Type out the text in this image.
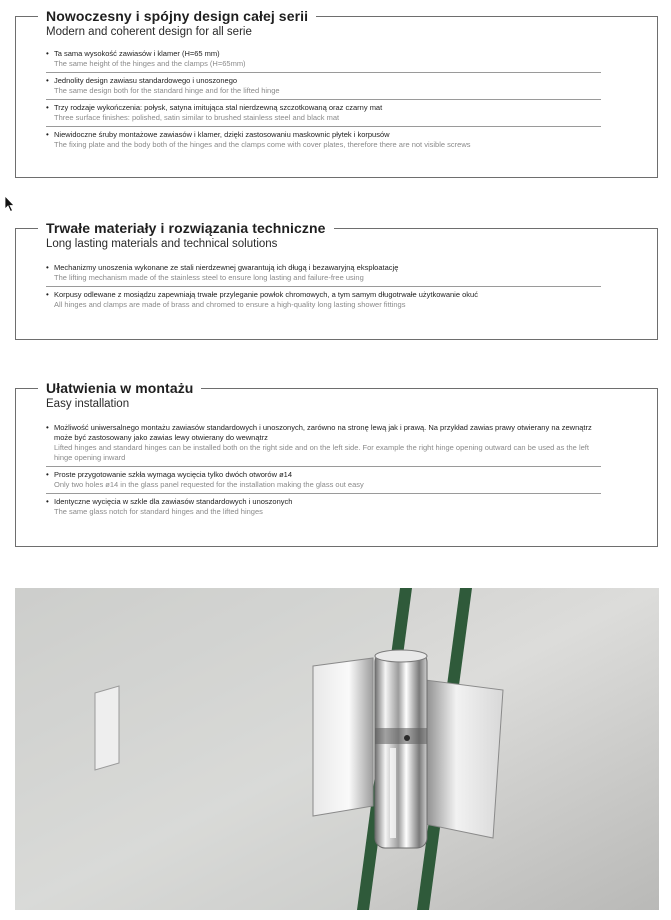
Nowoczesny i spójny design całej serii
Modern and coherent design for all serie
• Ta sama wysokość zawiasów i klamer (H=65 mm)
The same height of the hinges and the clamps (H=65mm)
• Jednolity design zawiasu standardowego i unoszonego
The same design both for the standard hinge and for the lifted hinge
• Trzy rodzaje wykończenia: połysk, satyna imitująca stal nierdzewną szczotkowaną oraz czarny mat
Three surface finishes: polished, satin similar to brushed stainless steel and black mat
• Niewidoczne śruby montażowe zawiasów i klamer, dzięki zastosowaniu maskownic płytek i korpusów
The fixing plate and the body both of the hinges and the clamps come with cover plates, therefore there are not visible screws
Trwałe materiały i rozwiązania techniczne
Long lasting materials and technical solutions
• Mechanizmy unoszenia wykonane ze stali nierdzewnej gwarantują ich długą i bezawaryjną eksploatację
The lifting mechanism made of the stainless steel to ensure long lasting and failure-free using
• Korpusy odlewane z mosiądzu zapewniają trwałe przyleganie powłok chromowych, a tym samym długotrwałe użytkowanie okuć
All hinges and clamps are made of brass and chromed to ensure a high-quality long lasting shower fittings
Ułatwienia w montażu
Easy installation
• Możliwość uniwersalnego montażu zawiasów standardowych i unoszonych, zarówno na stronę lewą jak i prawą. Na przykład zawias prawy otwierany na zewnątrz może być zastosowany jako zawias lewy otwierany do wewnątrz
Lifted hinges and standard hinges can be installed both on the right side and on the left side. For example the right hinge opening outward can be used as the left hinge opening inward
• Proste przygotowanie szkła wymaga wycięcia tylko dwóch otworów ø14
Only two holes ø14 in the glass panel requested for the installation making the glass out easy
• Identyczne wycięcia w szkle dla zawiasów standardowych i unoszonych
The same glass notch for standard hinges and the lifted hinges
